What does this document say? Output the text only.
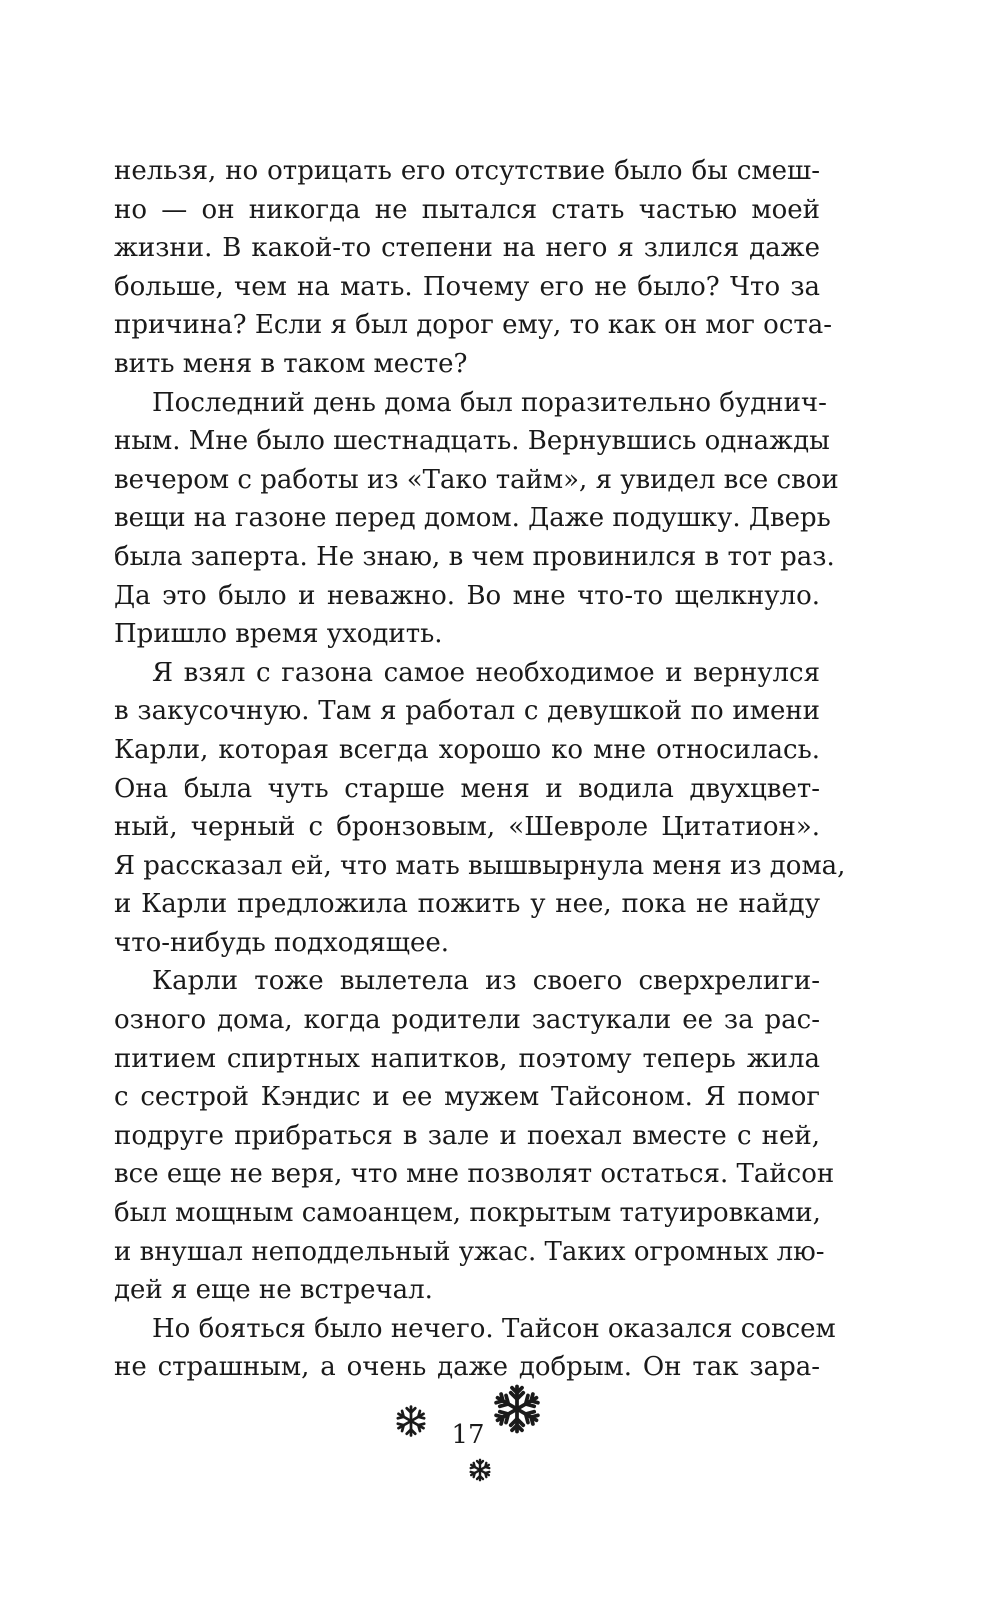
нельзя, но отрицать его отсутствие было бы смеш-
но — он никогда не пытался стать частью моей
жизни. В какой-то степени на него я злился даже
больше, чем на мать. Почему его не было? Что за
причина? Если я был дорог ему, то как он мог оста-
вить меня в таком месте?
Последний день дома был поразительно буднич-
ным. Мне было шестнадцать. Вернувшись однажды
вечером с работы из «Тако тайм», я увидел все свои
вещи на газоне перед домом. Даже подушку. Дверь
была заперта. Не знаю, в чем провинился в тот раз.
Да это было и неважно. Во мне что-то щелкнуло.
Пришло время уходить.
Я взял с газона самое необходимое и вернулся
в закусочную. Там я работал с девушкой по имени
Карли, которая всегда хорошо ко мне относилась.
Она была чуть старше меня и водила двухцвет-
ный, черный с бронзовым, «Шевроле Цитатион».
Я рассказал ей, что мать вышвырнула меня из дома,
и Карли предложила пожить у нее, пока не найду
что-нибудь подходящее.
Карли тоже вылетела из своего сверхрелиги-
озного дома, когда родители застукали ее за рас-
питием спиртных напитков, поэтому теперь жила
с сестрой Кэндис и ее мужем Тайсоном. Я помог
подруге прибраться в зале и поехал вместе с ней,
все еще не веря, что мне позволят остаться. Тайсон
был мощным самоанцем, покрытым татуировками,
и внушал неподдельный ужас. Таких огромных лю-
дей я еще не встречал.
Но бояться было нечего. Тайсон оказался совсем
не страшным, а очень даже добрым. Он так зара-
17
